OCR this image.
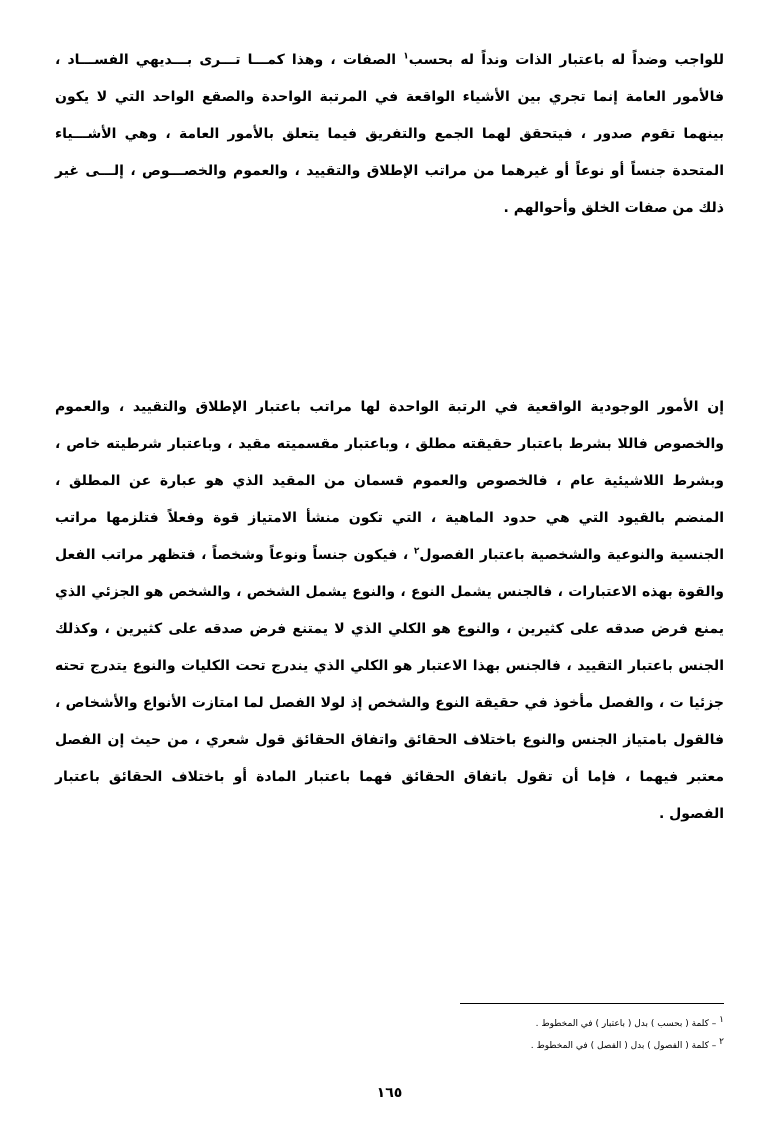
للواجب وضداً له باعتبار الذات ونداً له بحسب$^١$ الصفات ، وهذا كمـــا تـــرى بـــديهي الفســـاد ، فالأمور العامة إنما تجري بين الأشياء الواقعة في المرتبة الواحدة والصقع الواحد التي لا يكون بينهما تقوم صدور ، فيتحقق لهما الجمع والتفريق فيما يتعلق بالأمور العامة ، وهي الأشـــياء المتحدة جنساً أو نوعاً أو غيرهما من مراتب الإطلاق والتقييد ، والعموم والخصـــوص ، إلـــى غير ذلك من صفات الخلق وأحوالهم .

إن الأمور الوجودية الواقعية في الرتبة الواحدة لها مراتب باعتبار الإطلاق والتقييد ، والعموم والخصوص فاللا بشرط باعتبار حقيقته مطلق ، وباعتبار مقسميته مقيد ، وباعتبار شرطيته خاص ، وبشرط اللاشيئية عام ، فالخصوص والعموم قسمان من المقيد الذي هو عبارة عن المطلق ، المنضم بالقيود التي هي حدود الماهية ، التي تكون منشأ الامتياز قوة وفعلاً فتلزمها مراتب الجنسية والنوعية والشخصية باعتبار الفصول$^٢$ ، فيكون جنساً ونوعاً وشخصاً ، فتظهر مراتب الفعل والقوة بهذه الاعتبارات ، فالجنس يشمل النوع ، والنوع يشمل الشخص ، والشخص هو الجزئي الذي يمنع فرض صدقه على كثيرين ، والنوع هو الكلي الذي لا يمتنع فرض صدقه على كثيرين ، وكذلك الجنس باعتبار التقييد ، فالجنس بهذا الاعتبار هو الكلي الذي يندرج تحت الكليات والنوع يتدرج تحته جزئيا ت ، والفصل مأخوذ في حقيقة النوع والشخص إذ لولا الفصل لما امتازت الأنواع والأشخاص ، فالقول بامتياز الجنس والنوع باختلاف الحقائق واتفاق الحقائق قول شعري ، من حيث إن الفصل معتبر فيهما ، فإما أن تقول باتفاق الحقائق فهما باعتبار المادة أو باختلاف الحقائق باعتبار الفصول .

$^١$ – كلمة ( بحسب ) بدل ( باعتبار ) في المخطوط .
$^٢$ – كلمة ( الفصول ) بدل ( الفصل ) في المخطوط .
١٦٥
